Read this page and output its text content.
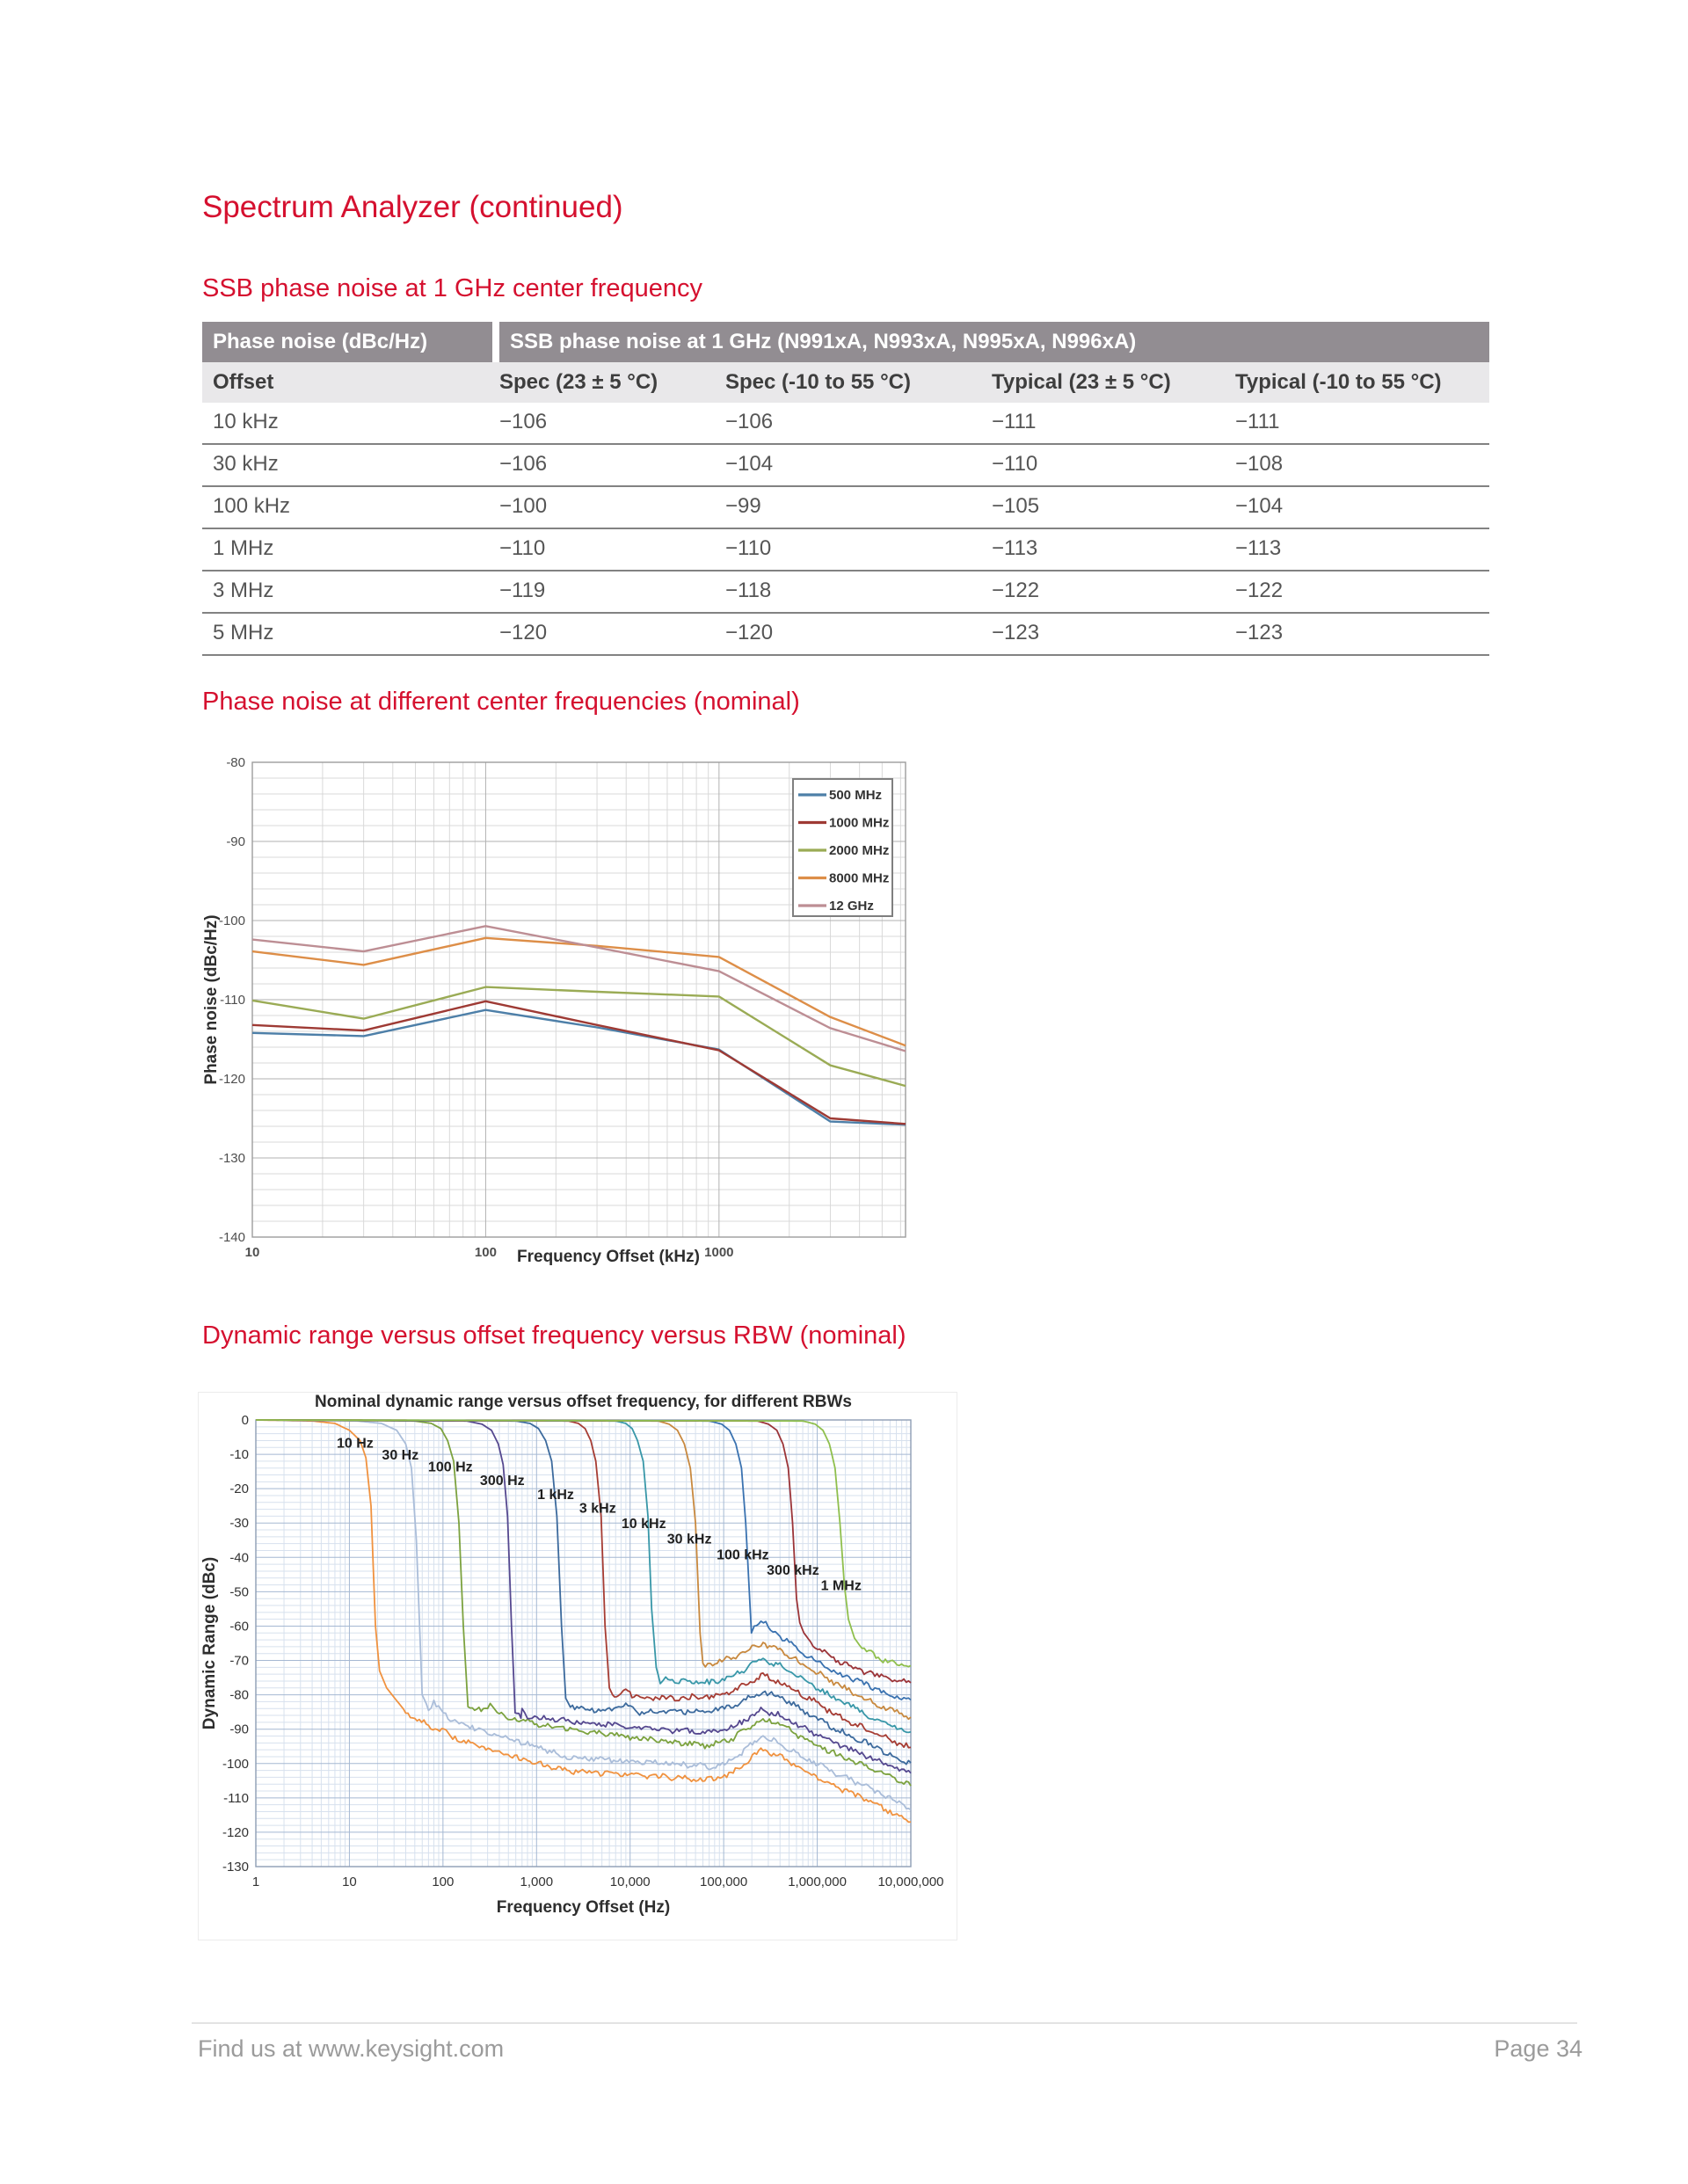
Spectrum Analyzer (continued)
SSB phase noise at 1 GHz center frequency
Phase noise (dBc/Hz)	SSB phase noise at 1 GHz (N991xA, N993xA, N995xA, N996xA)
Offset	Spec (23 ± 5 °C)	Spec (-10 to 55 °C)	Typical (23 ± 5 °C)	Typical (-10 to 55 °C)
10 kHz	−106	−106	−111	−111
30 kHz	−106	−104	−110	−108
100 kHz	−100	−99	−105	−104
1 MHz	−110	−110	−113	−113
3 MHz	−119	−118	−122	−122
5 MHz	−120	−120	−123	−123
Phase noise at different center frequencies (nominal)
-80
-90
-100
-110
-120
-130
-140
10	100	1000
Frequency Offset (kHz)
Phase noise (dBc/Hz)
500 MHz
1000 MHz
2000 MHz
8000 MHz
12 GHz
Dynamic range versus offset frequency versus RBW (nominal)
0
-10
-20
-30
-40
-50
-60
-70
-80
-90
-100
-110
-120
-130
1	10	100	1,000	10,000	100,000	1,000,000 10,000,000
Nominal dynamic range versus offset frequency, for different RBWs
Frequency Offset (Hz)
Dynamic Range (dBc)
10 Hz
30 Hz
100 Hz
300 Hz
1 kHz
3 kHz
10 kHz
30 kHz
100 kHz
300 kHz
1 MHz
Find us at www.keysight.com	Page 34
